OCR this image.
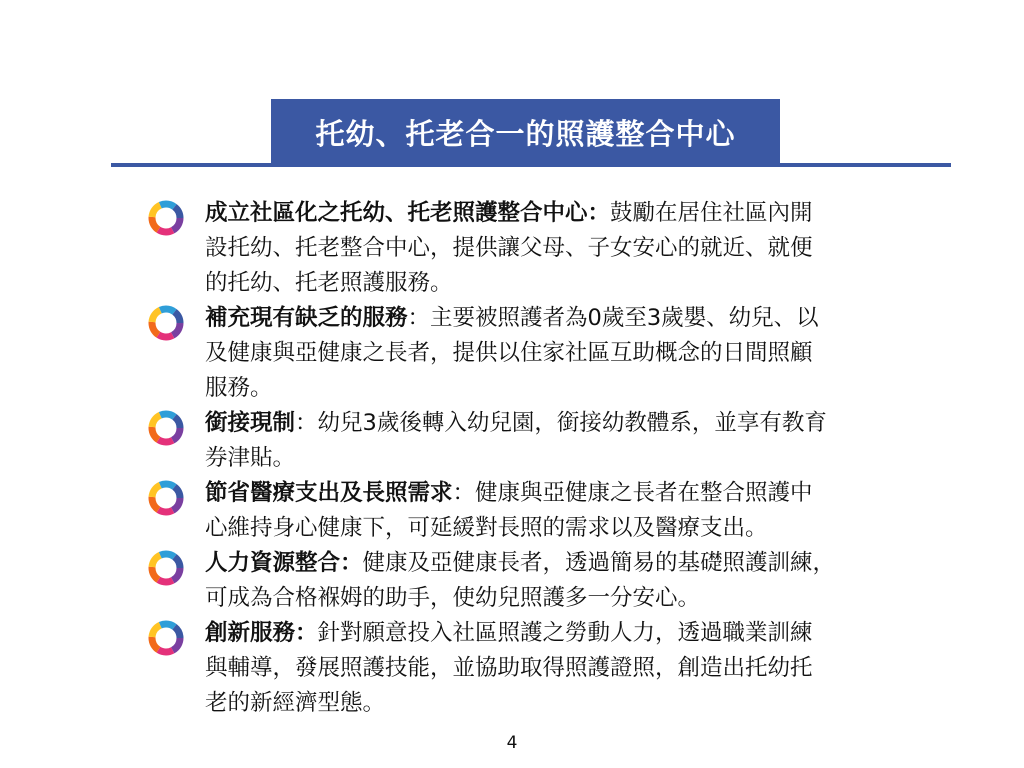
托幼、托老合一的照護整合中心
成立社區化之托幼、托老照護整合中心：鼓勵在居住社區內開
設托幼、托老整合中心，提供讓父母、子女安心的就近、就便
的托幼、托老照護服務。
補充現有缺乏的服務：主要被照護者為0歲至3歲嬰、幼兒、以
及健康與亞健康之長者，提供以住家社區互助概念的日間照顧
服務。
銜接現制：幼兒3歲後轉入幼兒園，銜接幼教體系，並享有教育
券津貼。
節省醫療支出及長照需求：健康與亞健康之長者在整合照護中
心維持身心健康下，可延緩對長照的需求以及醫療支出。
人力資源整合：健康及亞健康長者，透過簡易的基礎照護訓練，
可成為合格褓姆的助手，使幼兒照護多一分安心。
創新服務：針對願意投入社區照護之勞動人力，透過職業訓練
與輔導，發展照護技能，並協助取得照護證照，創造出托幼托
老的新經濟型態。
4
